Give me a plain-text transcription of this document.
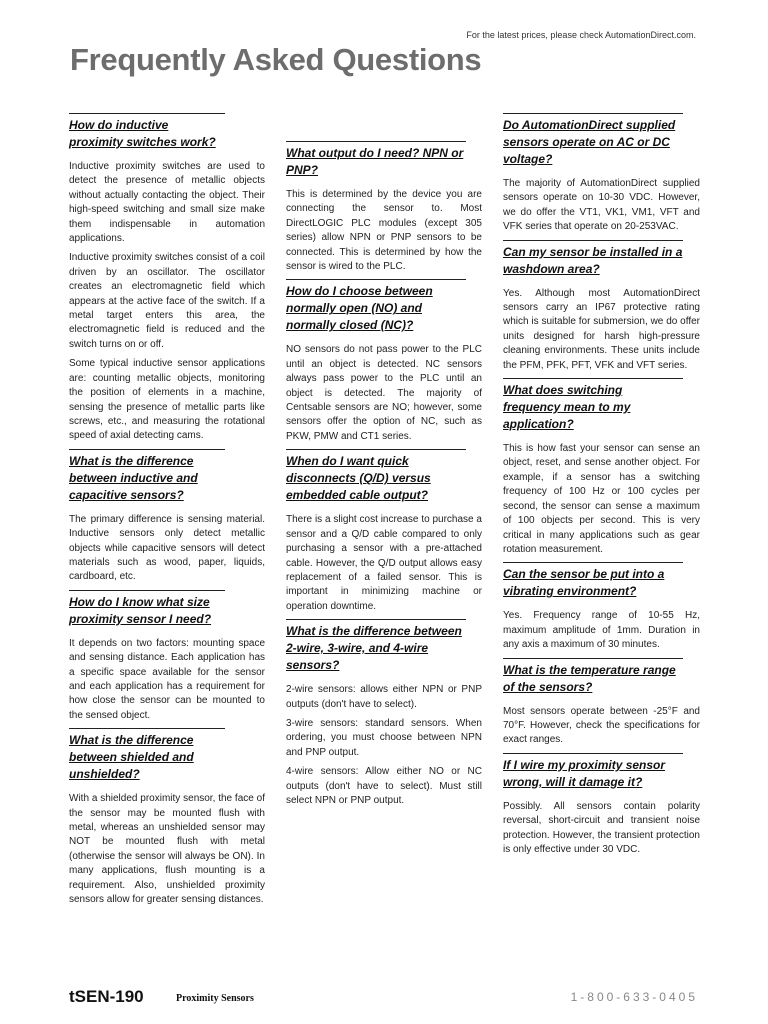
For the latest prices, please check AutomationDirect.com.
Frequently Asked Questions
How do inductive proximity switches work?

Inductive proximity switches are used to detect the presence of metallic objects without actually contacting the object. Their high-speed switching and small size make them indispensable in automation applications.

Inductive proximity switches consist of a coil driven by an oscillator. The oscillator creates an electromagnetic field which appears at the active face of the switch. If a metal target enters this area, the electromagnetic field is reduced and the switch turns on or off.

Some typical inductive sensor applications are: counting metallic objects, monitoring the position of elements in a machine, sensing the presence of metallic parts like screws, etc., and measuring the rotational speed of axial detecting cams.

What is the difference between inductive and capacitive sensors?

The primary difference is sensing material. Inductive sensors only detect metallic objects while capacitive sensors will detect materials such as wood, paper, liquids, cardboard, etc.

How do I know what size proximity sensor I need?

It depends on two factors: mounting space and sensing distance. Each application has a specific space available for the sensor and each application has a requirement for how close the sensor can be mounted to the sensed object.

What is the difference between shielded and unshielded?

With a shielded proximity sensor, the face of the sensor may be mounted flush with metal, whereas an unshielded sensor may NOT be mounted flush with metal (otherwise the sensor will always be ON). In many applications, flush mounting is a requirement. Also, unshielded proximity sensors allow for greater sensing distances.

What output do I need? NPN or PNP?

This is determined by the device you are connecting the sensor to. Most DirectLOGIC PLC modules (except 305 series) allow NPN or PNP sensors to be connected. This is determined by how the sensor is wired to the PLC.

How do I choose between normally open (NO) and normally closed (NC)?

NO sensors do not pass power to the PLC until an object is detected. NC sensors always pass power to the PLC until an object is detected. The majority of Centsable sensors are NO; however, some sensors offer the option of NC, such as PKW, PMW and CT1 series.

When do I want quick disconnects (Q/D) versus embedded cable output?

There is a slight cost increase to purchase a sensor and a Q/D cable compared to only purchasing a sensor with a pre-attached cable. However, the Q/D output allows easy replacement of a failed sensor. This is important in minimizing machine or operation downtime.

What is the difference between 2-wire, 3-wire, and 4-wire sensors?

2-wire sensors: allows either NPN or PNP outputs (don't have to select).

3-wire sensors: standard sensors. When ordering, you must choose between NPN and PNP output.

4-wire sensors: Allow either NO or NC outputs (don't have to select). Must still select NPN or PNP output.

Do AutomationDirect supplied sensors operate on AC or DC voltage?

The majority of AutomationDirect supplied sensors operate on 10-30 VDC. However, we do offer the VT1, VK1, VM1, VFT and VFK series that operate on 20-253VAC.

Can my sensor be installed in a washdown area?

Yes. Although most AutomationDirect sensors carry an IP67 protective rating which is suitable for submersion, we do offer units designed for harsh high-pressure cleaning environments. These units include the PFM, PFK, PFT, VFK and VFT series.

What does switching frequency mean to my application?

This is how fast your sensor can sense an object, reset, and sense another object. For example, if a sensor has a switching frequency of 100 Hz or 100 cycles per second, the sensor can sense a maximum of 100 objects per second. This is very critical in many applications such as gear rotation measurement.

Can the sensor be put into a vibrating environment?

Yes. Frequency range of 10-55 Hz, maximum amplitude of 1mm. Duration in any axis a maximum of 30 minutes.

What is the temperature range of the sensors?

Most sensors operate between -25°F and 70°F. However, check the specifications for exact ranges.

If I wire my proximity sensor wrong, will it damage it?

Possibly. All sensors contain polarity reversal, short-circuit and transient noise protection. However, the transient protection is only effective under 30 VDC.

tSEN-190	Proximity Sensors	1-800-633-0405
